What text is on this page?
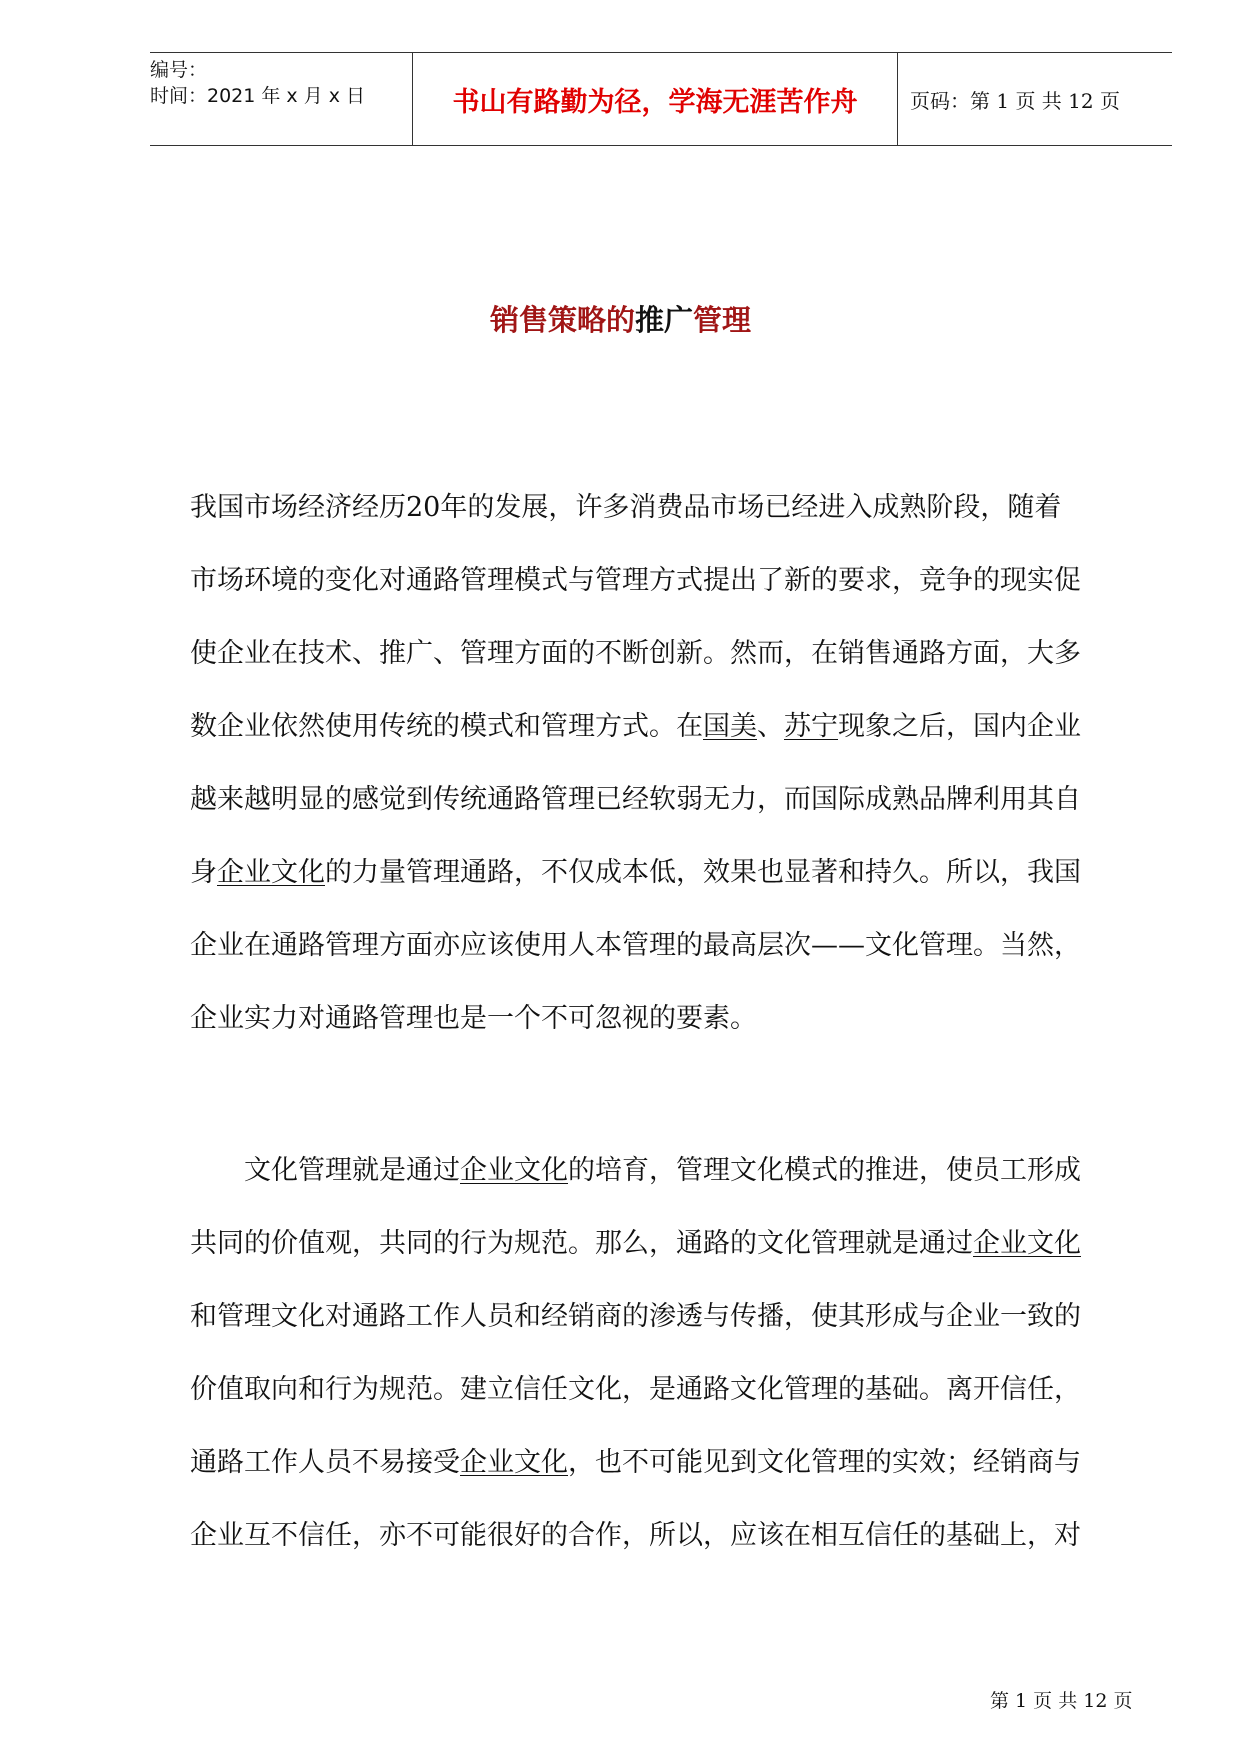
编号：
时间：2021 年 x 月 x 日	书山有路勤为径，学海无涯苦作舟	页码：第 1 页 共 12 页
销售策略的推广管理
我国市场经济经历20年的发展，许多消费品市场已经进入成熟阶段，随着
市场环境的变化对通路管理模式与管理方式提出了新的要求，竞争的现实促
使企业在技术、推广、管理方面的不断创新。然而，在销售通路方面，大多
数企业依然使用传统的模式和管理方式。在国美、苏宁现象之后，国内企业
越来越明显的感觉到传统通路管理已经软弱无力，而国际成熟品牌利用其自
身企业文化的力量管理通路，不仅成本低，效果也显著和持久。所以，我国
企业在通路管理方面亦应该使用人本管理的最高层次——文化管理。当然，
企业实力对通路管理也是一个不可忽视的要素。
文化管理就是通过企业文化的培育，管理文化模式的推进，使员工形成
共同的价值观，共同的行为规范。那么，通路的文化管理就是通过企业文化
和管理文化对通路工作人员和经销商的渗透与传播，使其形成与企业一致的
价值取向和行为规范。建立信任文化，是通路文化管理的基础。离开信任，
通路工作人员不易接受企业文化，也不可能见到文化管理的实效；经销商与
企业互不信任，亦不可能很好的合作，所以，应该在相互信任的基础上，对
第 1 页 共 12 页
